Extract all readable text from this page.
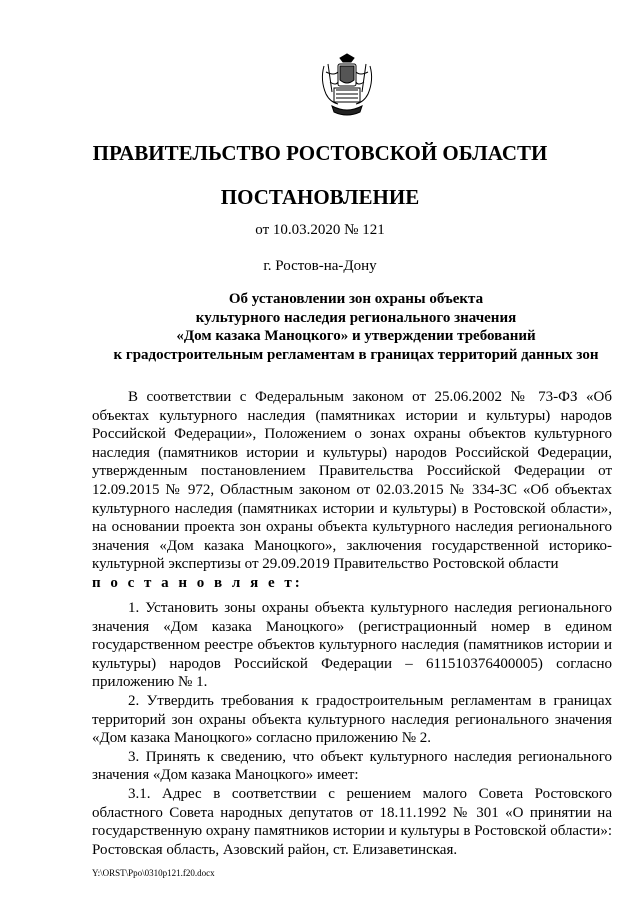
ПРАВИТЕЛЬСТВО РОСТОВСКОЙ ОБЛАСТИ
ПОСТАНОВЛЕНИЕ
от 10.03.2020 № 121
г. Ростов-на-Дону
Об установлении зон охраны объекта
культурного наследия регионального значения
«Дом казака Маноцкого» и утверждении требований
к градостроительным регламентам в границах территорий данных зон

В соответствии с Федеральным законом от 25.06.2002 № 73-ФЗ «Об объектах культурного наследия (памятниках истории и культуры) народов Российской Федерации», Положением о зонах охраны объектов культурного наследия (памятников истории и культуры) народов Российской Федерации, утвержденным постановлением Правительства Российской Федерации от 12.09.2015 № 972, Областным законом от 02.03.2015 № 334-ЗС «Об объектах культурного наследия (памятниках истории и культуры) в Ростовской области», на основании проекта зон охраны объекта культурного наследия регионального значения «Дом казака Маноцкого», заключения государственной историко-культурной экспертизы от 29.09.2019 Правительство Ростовской области

п о с т а н о в л я е т:

1. Установить зоны охраны объекта культурного наследия регионального значения «Дом казака Маноцкого» (регистрационный номер в едином государственном реестре объектов культурного наследия (памятников истории и культуры) народов Российской Федерации – 611510376400005) согласно приложению № 1.

2. Утвердить требования к градостроительным регламентам в границах территорий зон охраны объекта культурного наследия регионального значения «Дом казака Маноцкого» согласно приложению № 2.

3. Принять к сведению, что объект культурного наследия регионального значения «Дом казака Маноцкого» имеет:

3.1. Адрес в соответствии с решением малого Совета Ростовского областного Совета народных депутатов от 18.11.1992 № 301 «О принятии на государственную охрану памятников истории и культуры в Ростовской области»: Ростовская область, Азовский район, ст. Елизаветинская.

Y:\ORST\Ppo\0310p121.f20.docx
